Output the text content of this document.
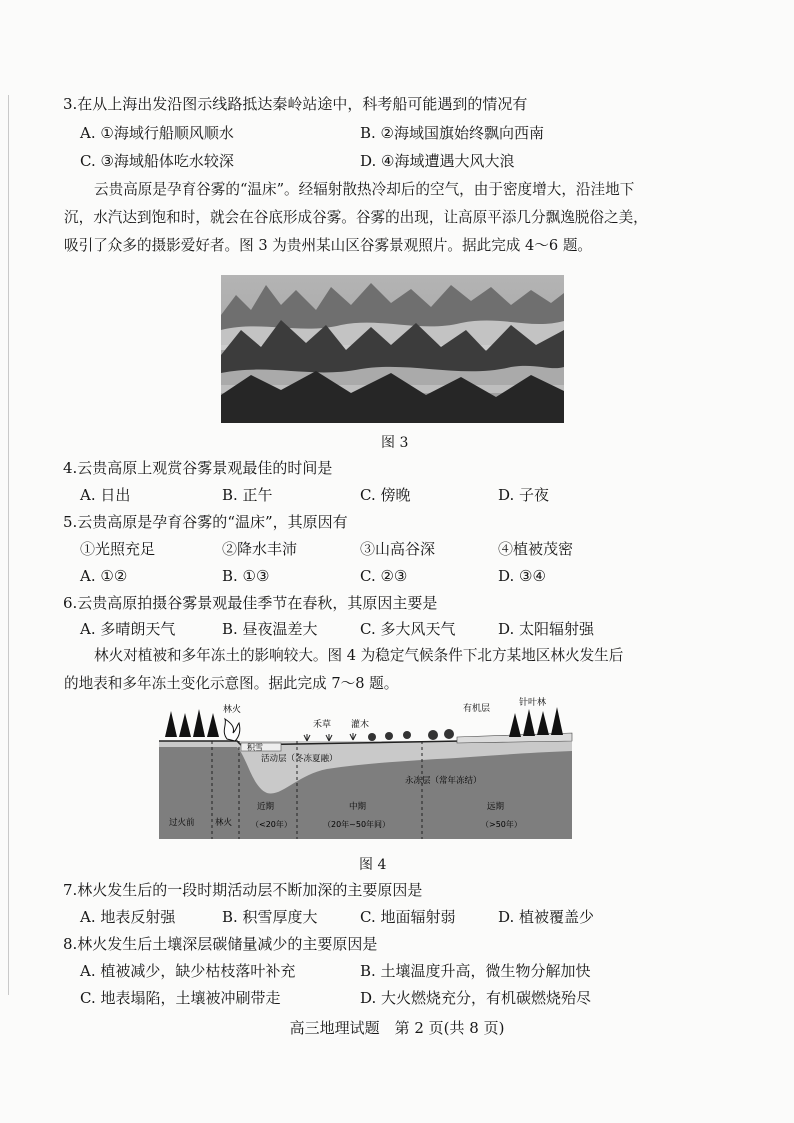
3.在从上海出发沿图示线路抵达秦岭站途中，科考船可能遇到的情况有
A. ①海域行船顺风顺水	B. ②海域国旗始终飘向西南
C. ③海域船体吃水较深	D. ④海域遭遇大风大浪
云贵高原是孕育谷雾的“温床”。经辐射散热冷却后的空气，由于密度增大，沿洼地下
沉，水汽达到饱和时，就会在谷底形成谷雾。谷雾的出现，让高原平添几分飘逸脱俗之美，
吸引了众多的摄影爱好者。图 3 为贵州某山区谷雾景观照片。据此完成 4～6 题。
图 3
4.云贵高原上观赏谷雾景观最佳的时间是
A. 日出	B. 正午	C. 傍晚	D. 子夜
5.云贵高原是孕育谷雾的“温床”，其原因有
①光照充足	②降水丰沛	③山高谷深	④植被茂密
A. ①②	B. ①③	C. ②③	D. ③④
6.云贵高原拍摄谷雾景观最佳季节在春秋，其原因主要是
A. 多晴朗天气	B. 昼夜温差大	C. 多大风天气	D. 太阳辐射强
林火对植被和多年冻土的影响较大。图 4 为稳定气候条件下北方某地区林火发生后
的地表和多年冻土变化示意图。据此完成 7～8 题。
林火
禾草 灌木
有机层
针叶林
积雪
活动层（冬冻夏融）
永冻层（常年冻结）
过火前 林火
近期
（<20年）
中期
（20年~50年间）
远期
（>50年）
图 4
7.林火发生后的一段时期活动层不断加深的主要原因是
A. 地表反射强	B. 积雪厚度大	C. 地面辐射弱	D. 植被覆盖少
8.林火发生后土壤深层碳储量减少的主要原因是
A. 植被减少，缺少枯枝落叶补充	B. 土壤温度升高，微生物分解加快
C. 地表塌陷，土壤被冲刷带走	D. 大火燃烧充分，有机碳燃烧殆尽
高三地理试题　第 2 页(共 8 页)
